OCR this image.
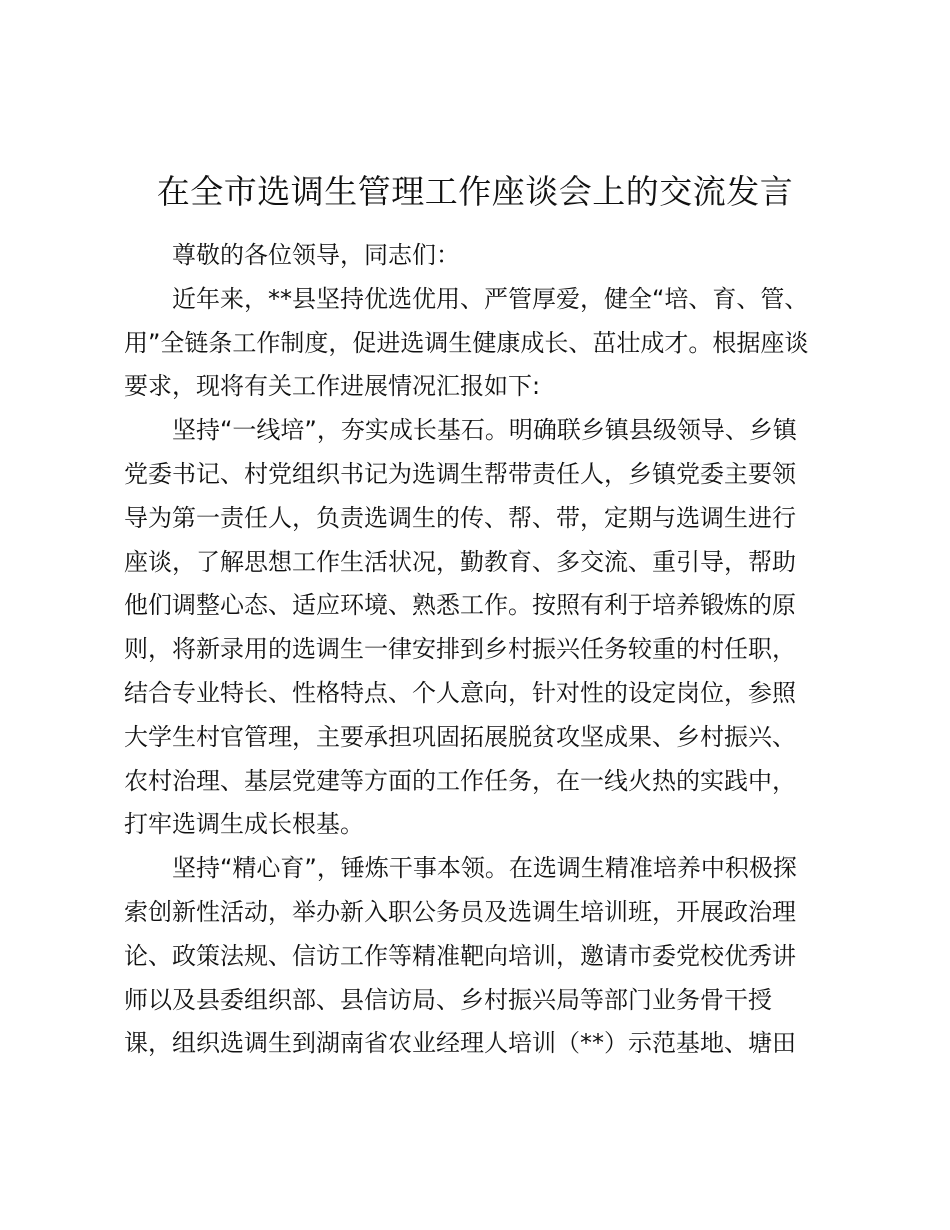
在全市选调生管理工作座谈会上的交流发言
尊敬的各位领导，同志们：
近年来，**县坚持优选优用、严管厚爱，健全“培、育、管、
用”全链条工作制度，促进选调生健康成长、茁壮成才。根据座谈
要求，现将有关工作进展情况汇报如下:
坚持“一线培”，夯实成长基石。明确联乡镇县级领导、乡镇
党委书记、村党组织书记为选调生帮带责任人，乡镇党委主要领
导为第一责任人，负责选调生的传、帮、带，定期与选调生进行
座谈，了解思想工作生活状况，勤教育、多交流、重引导，帮助
他们调整心态、适应环境、熟悉工作。按照有利于培养锻炼的原
则，将新录用的选调生一律安排到乡村振兴任务较重的村任职，
结合专业特长、性格特点、个人意向，针对性的设定岗位，参照
大学生村官管理，主要承担巩固拓展脱贫攻坚成果、乡村振兴、
农村治理、基层党建等方面的工作任务，在一线火热的实践中，
打牢选调生成长根基。
坚持“精心育”，锤炼干事本领。在选调生精准培养中积极探
索创新性活动，举办新入职公务员及选调生培训班，开展政治理
论、政策法规、信访工作等精准靶向培训，邀请市委党校优秀讲
师以及县委组织部、县信访局、乡村振兴局等部门业务骨干授
课，组织选调生到湖南省农业经理人培训（**）示范基地、塘田
